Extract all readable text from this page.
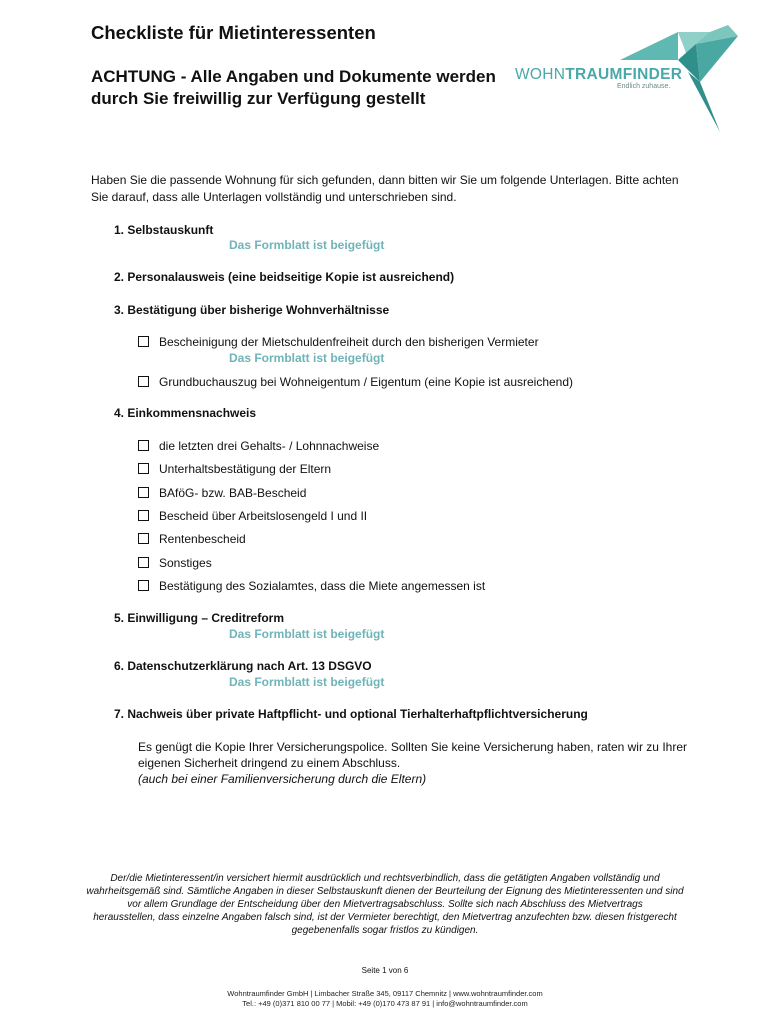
Checkliste für Mietinteressenten

ACHTUNG - Alle Angaben und Dokumente werden durch Sie freiwillig zur Verfügung gestellt

WOHNTRAUMFINDER
Endlich zuhause.
Haben Sie die passende Wohnung für sich gefunden, dann bitten wir Sie um folgende Unterlagen. Bitte achten Sie darauf, dass alle Unterlagen vollständig und unterschrieben sind.
1. Selbstauskunft
Das Formblatt ist beigefügt
2. Personalausweis (eine beidseitige Kopie ist ausreichend)
3. Bestätigung über bisherige Wohnverhältnisse
Bescheinigung der Mietschuldenfreiheit durch den bisherigen Vermieter
Das Formblatt ist beigefügt
Grundbuchauszug bei Wohneigentum / Eigentum (eine Kopie ist ausreichend)
4. Einkommensnachweis
die letzten drei Gehalts- / Lohnnachweise
Unterhaltsbestätigung der Eltern
BAföG- bzw. BAB-Bescheid
Bescheid über Arbeitslosengeld I und II
Rentenbescheid
Sonstiges
Bestätigung des Sozialamtes, dass die Miete angemessen ist
5. Einwilligung – Creditreform
Das Formblatt ist beigefügt
6. Datenschutzerklärung nach Art. 13 DSGVO
Das Formblatt ist beigefügt
7. Nachweis über private Haftpflicht- und optional Tierhalterhaftpflichtversicherung
Es genügt die Kopie Ihrer Versicherungspolice. Sollten Sie keine Versicherung haben, raten wir zu Ihrer eigenen Sicherheit dringend zu einem Abschluss.
(auch bei einer Familienversicherung durch die Eltern)
Der/die Mietinteressent/in versichert hiermit ausdrücklich und rechtsverbindlich, dass die getätigten Angaben vollständig und wahrheitsgemäß sind. Sämtliche Angaben in dieser Selbstauskunft dienen der Beurteilung der Eignung des Mietinteressenten und sind vor allem Grundlage der Entscheidung über den Mietvertragsabschluss. Sollte sich nach Abschluss des Mietvertrags
herausstellen, dass einzelne Angaben falsch sind, ist der Vermieter berechtigt, den Mietvertrag anzufechten bzw. diesen fristgerecht gegebenenfalls sogar fristlos zu kündigen.
Seite 1 von 6
Wohntraumfinder GmbH | Limbacher Straße 345, 09117 Chemnitz | www.wohntraumfinder.com
Tel.: +49 (0)371 810 00 77 | Mobil: +49 (0)170 473 87 91 | info@wohntraumfinder.com
